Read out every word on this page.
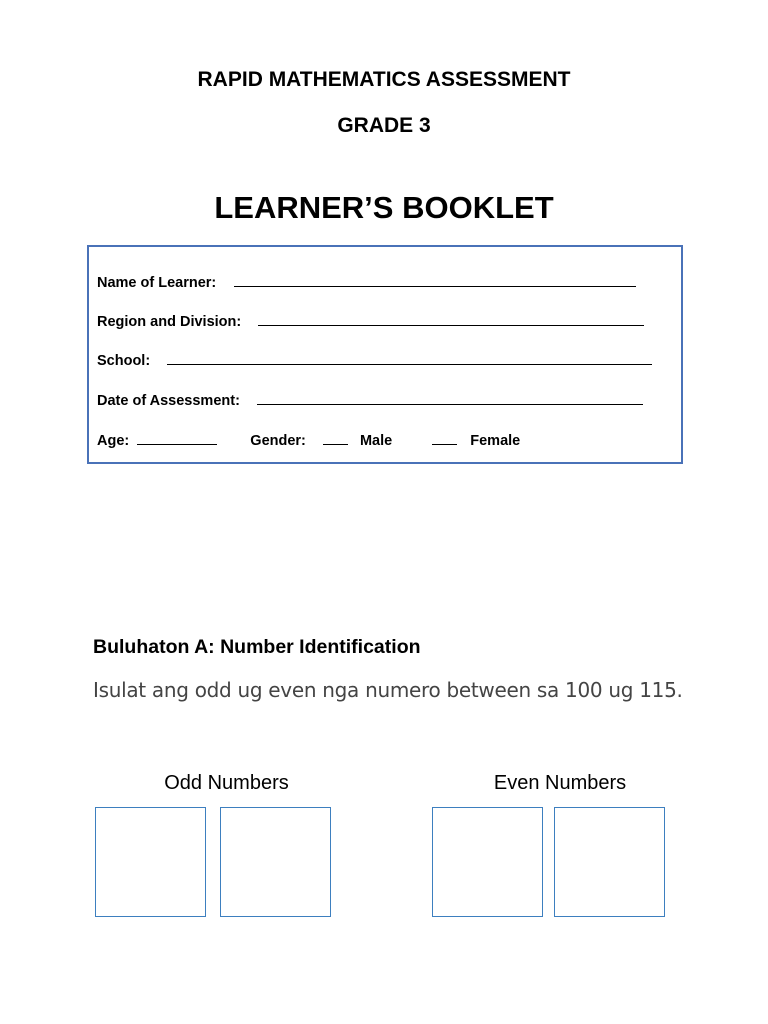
RAPID MATHEMATICS ASSESSMENT
GRADE 3
LEARNER’S BOOKLET
Name of Learner:
Region and Division:
School:
Date of Assessment:
Age:	Gender:	Male	Female
Buluhaton A: Number Identification
Isulat ang odd ug even nga numero between sa 100 ug 115.
Odd Numbers	Even Numbers
